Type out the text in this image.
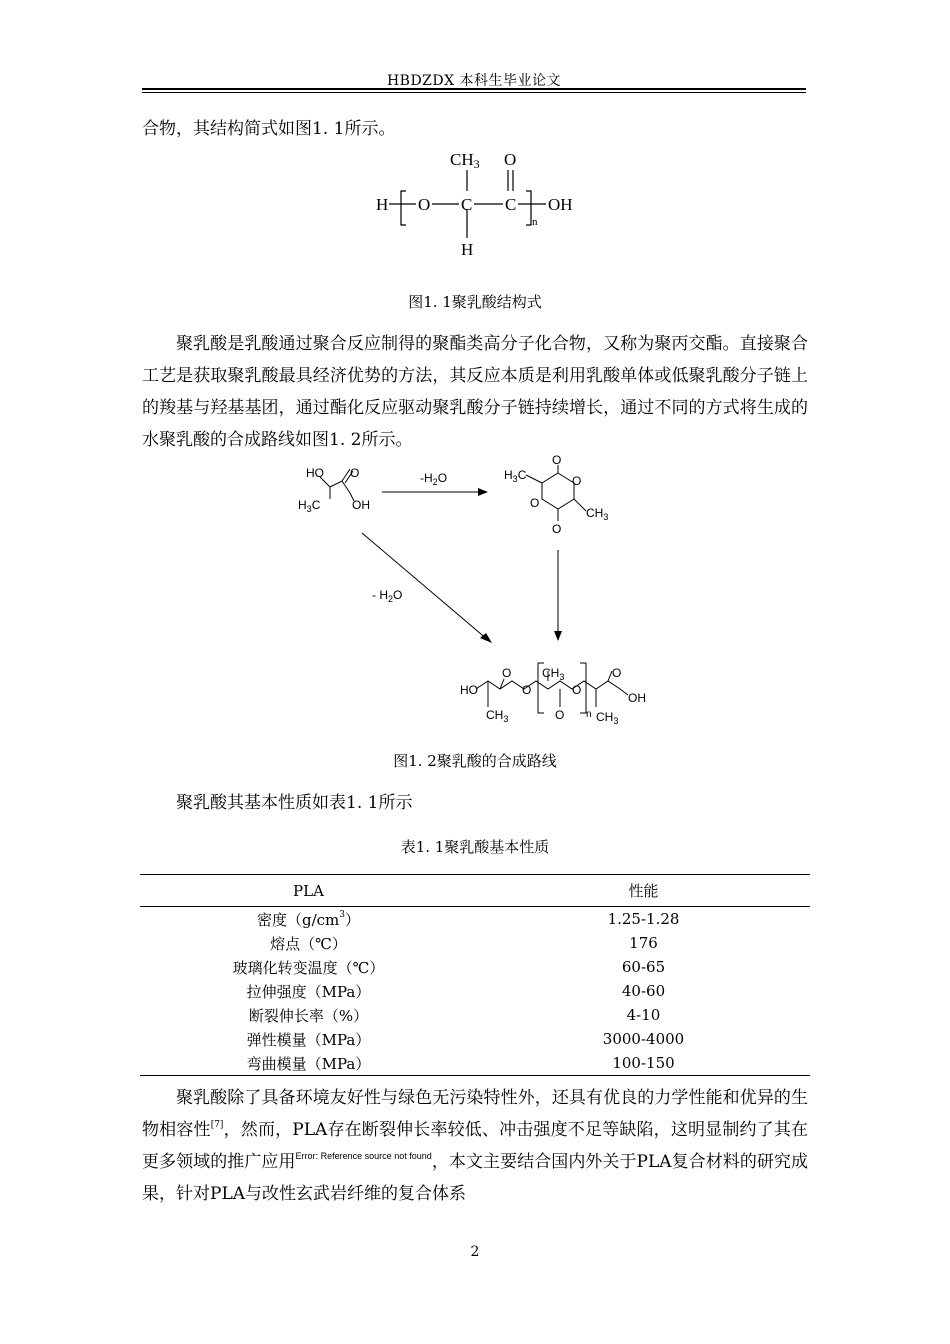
HBDZDX 本科生毕业论文

合物，其结构简式如图1. 1所示。

CH3 O
H O C C
n
OH
H
图1. 1聚乳酸结构式

聚乳酸是乳酸通过聚合反应制得的聚酯类高分子化合物，又称为聚丙交酯。直接聚合工艺是获取聚乳酸最具经济优势的方法，其反应本质是利用乳酸单体或低聚乳酸分子链上的羧基与羟基基团，通过酯化反应驱动聚乳酸分子链持续增长，通过不同的方式将生成的水聚乳酸的合成路线如图1. 2所示。

HO O
$H_3C$	OH
$-H_2O$
- $H_2O$
O
$H_3C$	O
O
$CH_3$
O
HO
O
O
$CH_3$
$CH_3$
O
O
n $CH_3$
O
OH
图1. 2聚乳酸的合成路线

聚乳酸其基本性质如表1. 1所示

表1. 1聚乳酸基本性质
PLA	性能
密度$(g/cm^3)$	1.25-1.28
熔点（℃）	176
玻璃化转变温度（℃）	60-65
拉伸强度（MPa）	40-60
断裂伸长率（%）	4-10
弹性模量（MPa）	3000-4000
弯曲模量（MPa）	100-150

聚乳酸除了具备环境友好性与绿色无污染特性外，还具有优良的力学性能和优异的生物相容性[7]，然而，PLA存在断裂伸长率较低、冲击强度不足等缺陷，这明显制约了其在更多领域的推广应用$^{Error: Reference source not found}$，本文主要结合国内外关于PLA复合材料的研究成果，针对PLA与改性玄武岩纤维的复合体系

2
